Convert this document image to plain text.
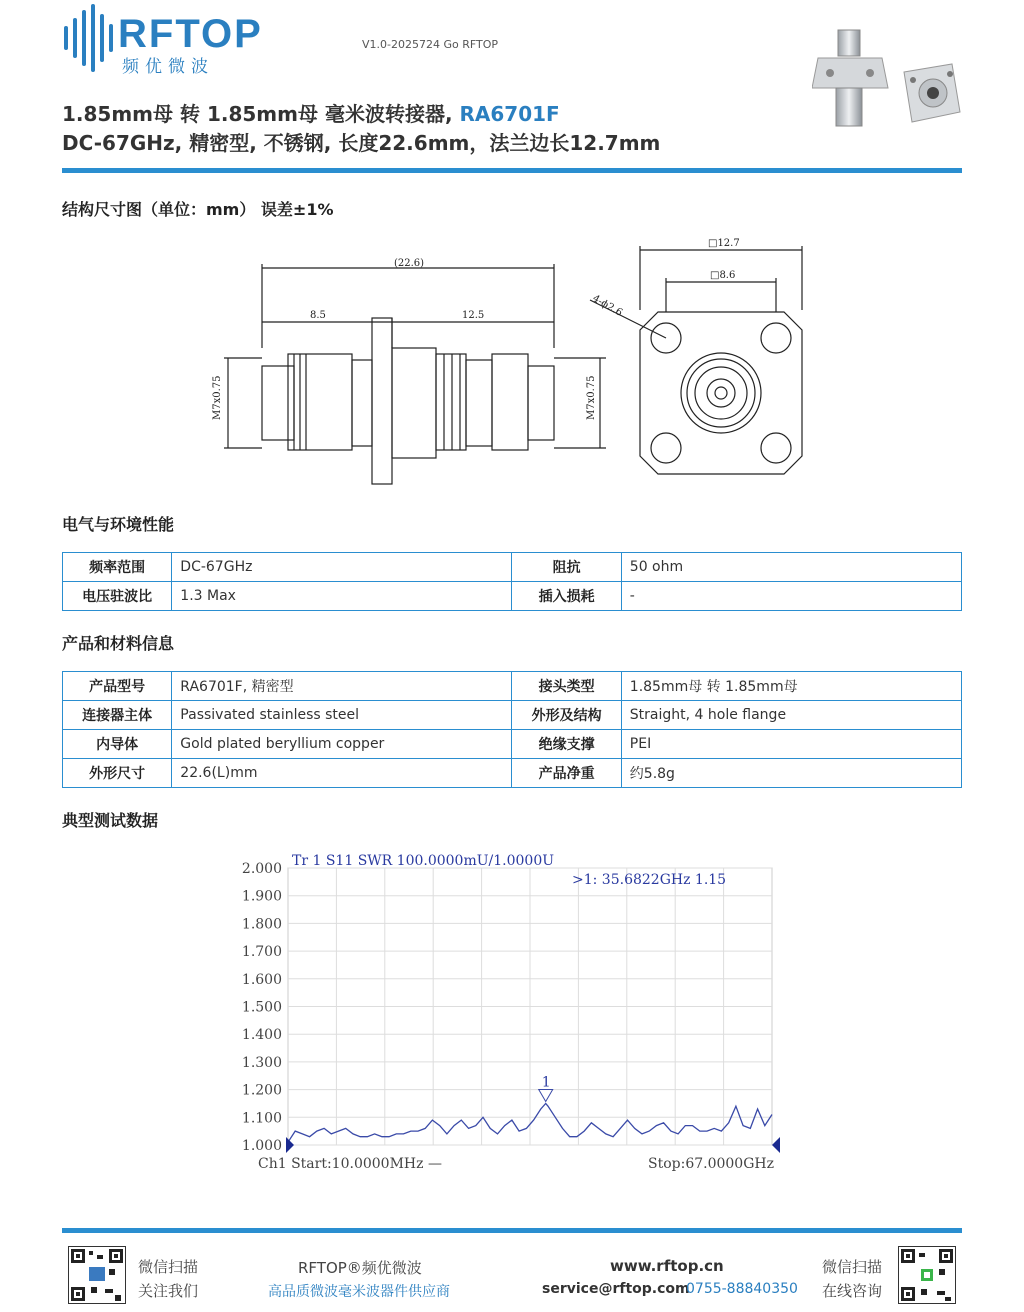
RFTOP
频优微波
V1.0-2025724 Go RFTOP
1.85mm母 转 1.85mm母 毫米波转接器, RA6701F
DC-67GHz, 精密型, 不锈钢, 长度22.6mm，法兰边长12.7mm
结构尺寸图（单位：mm） 误差±1%
(22.6)
8.5	12.5
M7x0.75	M7x0.75
□12.7
□8.6
4-ϕ2.6
电气与环境性能
频率范围	DC-67GHz	阻抗	50 ohm
电压驻波比	1.3 Max	插入损耗	-
产品和材料信息
产品型号	RA6701F, 精密型	接头类型	1.85mm母 转 1.85mm母
连接器主体	Passivated stainless steel	外形及结构	Straight, 4 hole flange
内导体	Gold plated beryllium copper	绝缘支撑	PEI
外形尺寸	22.6(L)mm	产品净重	约5.8g
典型测试数据
2.000
1.900
1.800
1.700
1.600
1.500
1.400
1.300
1.200
1.100
1.000
1
Tr 1 S11 SWR 100.0000mU/1.0000U
>1: 35.6822GHz 1.15
Ch1 Start:10.0000MHz —	Stop:67.0000GHz
微信扫描
关注我们
RFTOP®频优微波
高品质微波毫米波器件供应商
www.rftop.cn
service@rftop.com
0755-88840350
微信扫描
在线咨询
